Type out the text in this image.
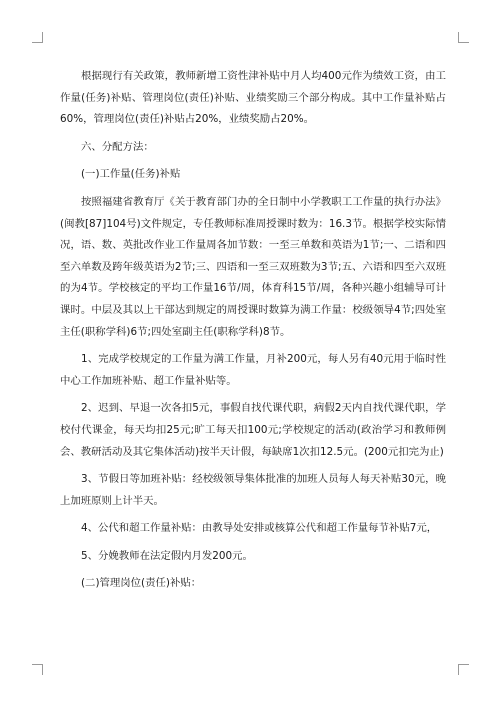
根据现行有关政策，教师新增工资性津补贴中月人均400元作为绩效工资，由工作量(任务)补贴、管理岗位(责任)补贴、业绩奖励三个部分构成。其中工作量补贴占60%，管理岗位(责任)补贴占20%，业绩奖励占20%。

六、分配方法：

(一)工作量(任务)补贴

按照福建省教育厅《关于教育部门办的全日制中小学教职工工作量的执行办法》(闽教[87]104号)文件规定，专任教师标准周授课时数为：16.3节。根据学校实际情况，语、数、英批改作业工作量周各加节数：一至三单数和英语为1节;一、二语和四至六单数及跨年级英语为2节;三、四语和一至三双班数为3节;五、六语和四至六双班的为4节。学校核定的平均工作量16节/周，体育科15节/周，各种兴趣小组辅导可计课时。中层及其以上干部达到规定的周授课时数算为满工作量：校级领导4节;四处室主任(职称学科)6节;四处室副主任(职称学科)8节。

1、完成学校规定的工作量为满工作量，月补200元，每人另有40元用于临时性中心工作加班补贴、超工作量补贴等。

2、迟到、早退一次各扣5元，事假自找代课代职，病假2天内自找代课代职，学校付代课金，每天均扣25元;旷工每天扣100元;学校规定的活动(政治学习和教师例会、教研活动及其它集体活动)按半天计假，每缺席1次扣12.5元。(200元扣完为止)

3、节假日等加班补贴：经校级领导集体批准的加班人员每人每天补贴30元，晚上加班原则上计半天。

4、公代和超工作量补贴：由教导处安排或核算公代和超工作量每节补贴7元，

5、分娩教师在法定假内月发200元。

(二)管理岗位(责任)补贴：
